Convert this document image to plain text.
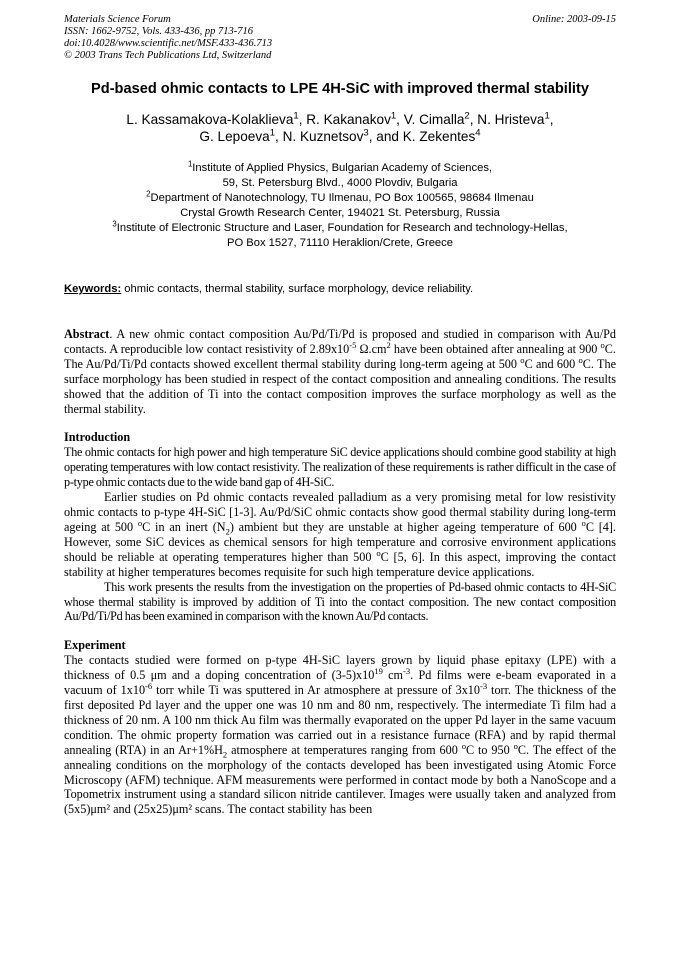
Materials Science Forum
ISSN: 1662-9752, Vols. 433-436, pp 713-716
doi:10.4028/www.scientific.net/MSF.433-436.713
© 2003 Trans Tech Publications Ltd, Switzerland
Online: 2003-09-15
Pd-based ohmic contacts to LPE 4H-SiC with improved thermal stability
L. Kassamakova-Kolaklieva$^1$, R. Kakanakov$^1$, V. Cimalla$^2$, N. Hristeva$^1$,
G. Lepoeva$^1$, N. Kuznetsov$^3$, and K. Zekentes$^4$
$^1$Institute of Applied Physics, Bulgarian Academy of Sciences,
59, St. Petersburg Blvd., 4000 Plovdiv, Bulgaria
$^2$Department of Nanotechnology, TU Ilmenau, PO Box 100565, 98684 Ilmenau
Crystal Growth Research Center, 194021 St. Petersburg, Russia
$^3$Institute of Electronic Structure and Laser, Foundation for Research and technology-Hellas,
PO Box 1527, 71110 Heraklion/Crete, Greece
Keywords: ohmic contacts, thermal stability, surface morphology, device reliability.
Abstract. A new ohmic contact composition Au/Pd/Ti/Pd is proposed and studied in comparison with Au/Pd contacts. A reproducible low contact resistivity of $2.89x10^{-5}$ $\Omega.cm^2$ have been obtained after annealing at 900 $^o$C. The Au/Pd/Ti/Pd contacts showed excellent thermal stability during long-term ageing at 500 $^o$C and 600 $^o$C. The surface morphology has been studied in respect of the contact composition and annealing conditions. The results showed that the addition of Ti into the contact composition improves the surface morphology as well as the thermal stability.
Introduction

The ohmic contacts for high power and high temperature SiC device applications should combine good stability at high operating temperatures with low contact resistivity. The realization of these requirements is rather difficult in the case of p-type ohmic contacts due to the wide band gap of 4H-SiC.

Earlier studies on Pd ohmic contacts revealed palladium as a very promising metal for low resistivity ohmic contacts to p-type 4H-SiC [1-3]. Au/Pd/SiC ohmic contacts show good thermal stability during long-term ageing at 500 $^o$C in an inert $(N_2)$ ambient but they are unstable at higher ageing temperature of 600 $^o$C [4]. However, some SiC devices as chemical sensors for high temperature and corrosive environment applications should be reliable at operating temperatures higher than 500 $^o$C [5, 6]. In this aspect, improving the contact stability at higher temperatures becomes requisite for such high temperature device applications.

This work presents the results from the investigation on the properties of Pd-based ohmic contacts to 4H-SiC whose thermal stability is improved by addition of Ti into the contact composition. The new contact composition Au/Pd/Ti/Pd has been examined in comparison with the known Au/Pd contacts.

Experiment

The contacts studied were formed on p-type 4H-SiC layers grown by liquid phase epitaxy (LPE) with a thickness of 0.5 μm and a doping concentration of $(3-5)x10^{19}$ $cm^{-3}$. Pd films were e-beam evaporated in a vacuum of $1x10^{-6}$ torr while Ti was sputtered in Ar atmosphere at pressure of $3x10^{-3}$ torr. The thickness of the first deposited Pd layer and the upper one was 10 nm and 80 nm, respectively. The intermediate Ti film had a thickness of 20 nm. A 100 nm thick Au film was thermally evaporated on the upper Pd layer in the same vacuum condition. The ohmic property formation was carried out in a resistance furnace (RFA) and by rapid thermal annealing (RTA) in an $Ar+1\%H_2$ atmosphere at temperatures ranging from 600 $^o$C to 950 $^o$C. The effect of the annealing conditions on the morphology of the contacts developed has been investigated using Atomic Force Microscopy (AFM) technique. AFM measurements were performed in contact mode by both a NanoScope and a Topometrix instrument using a standard silicon nitride cantilever. Images were usually taken and analyzed from (5x5)μm² and (25x25)μm² scans. The contact stability has been
